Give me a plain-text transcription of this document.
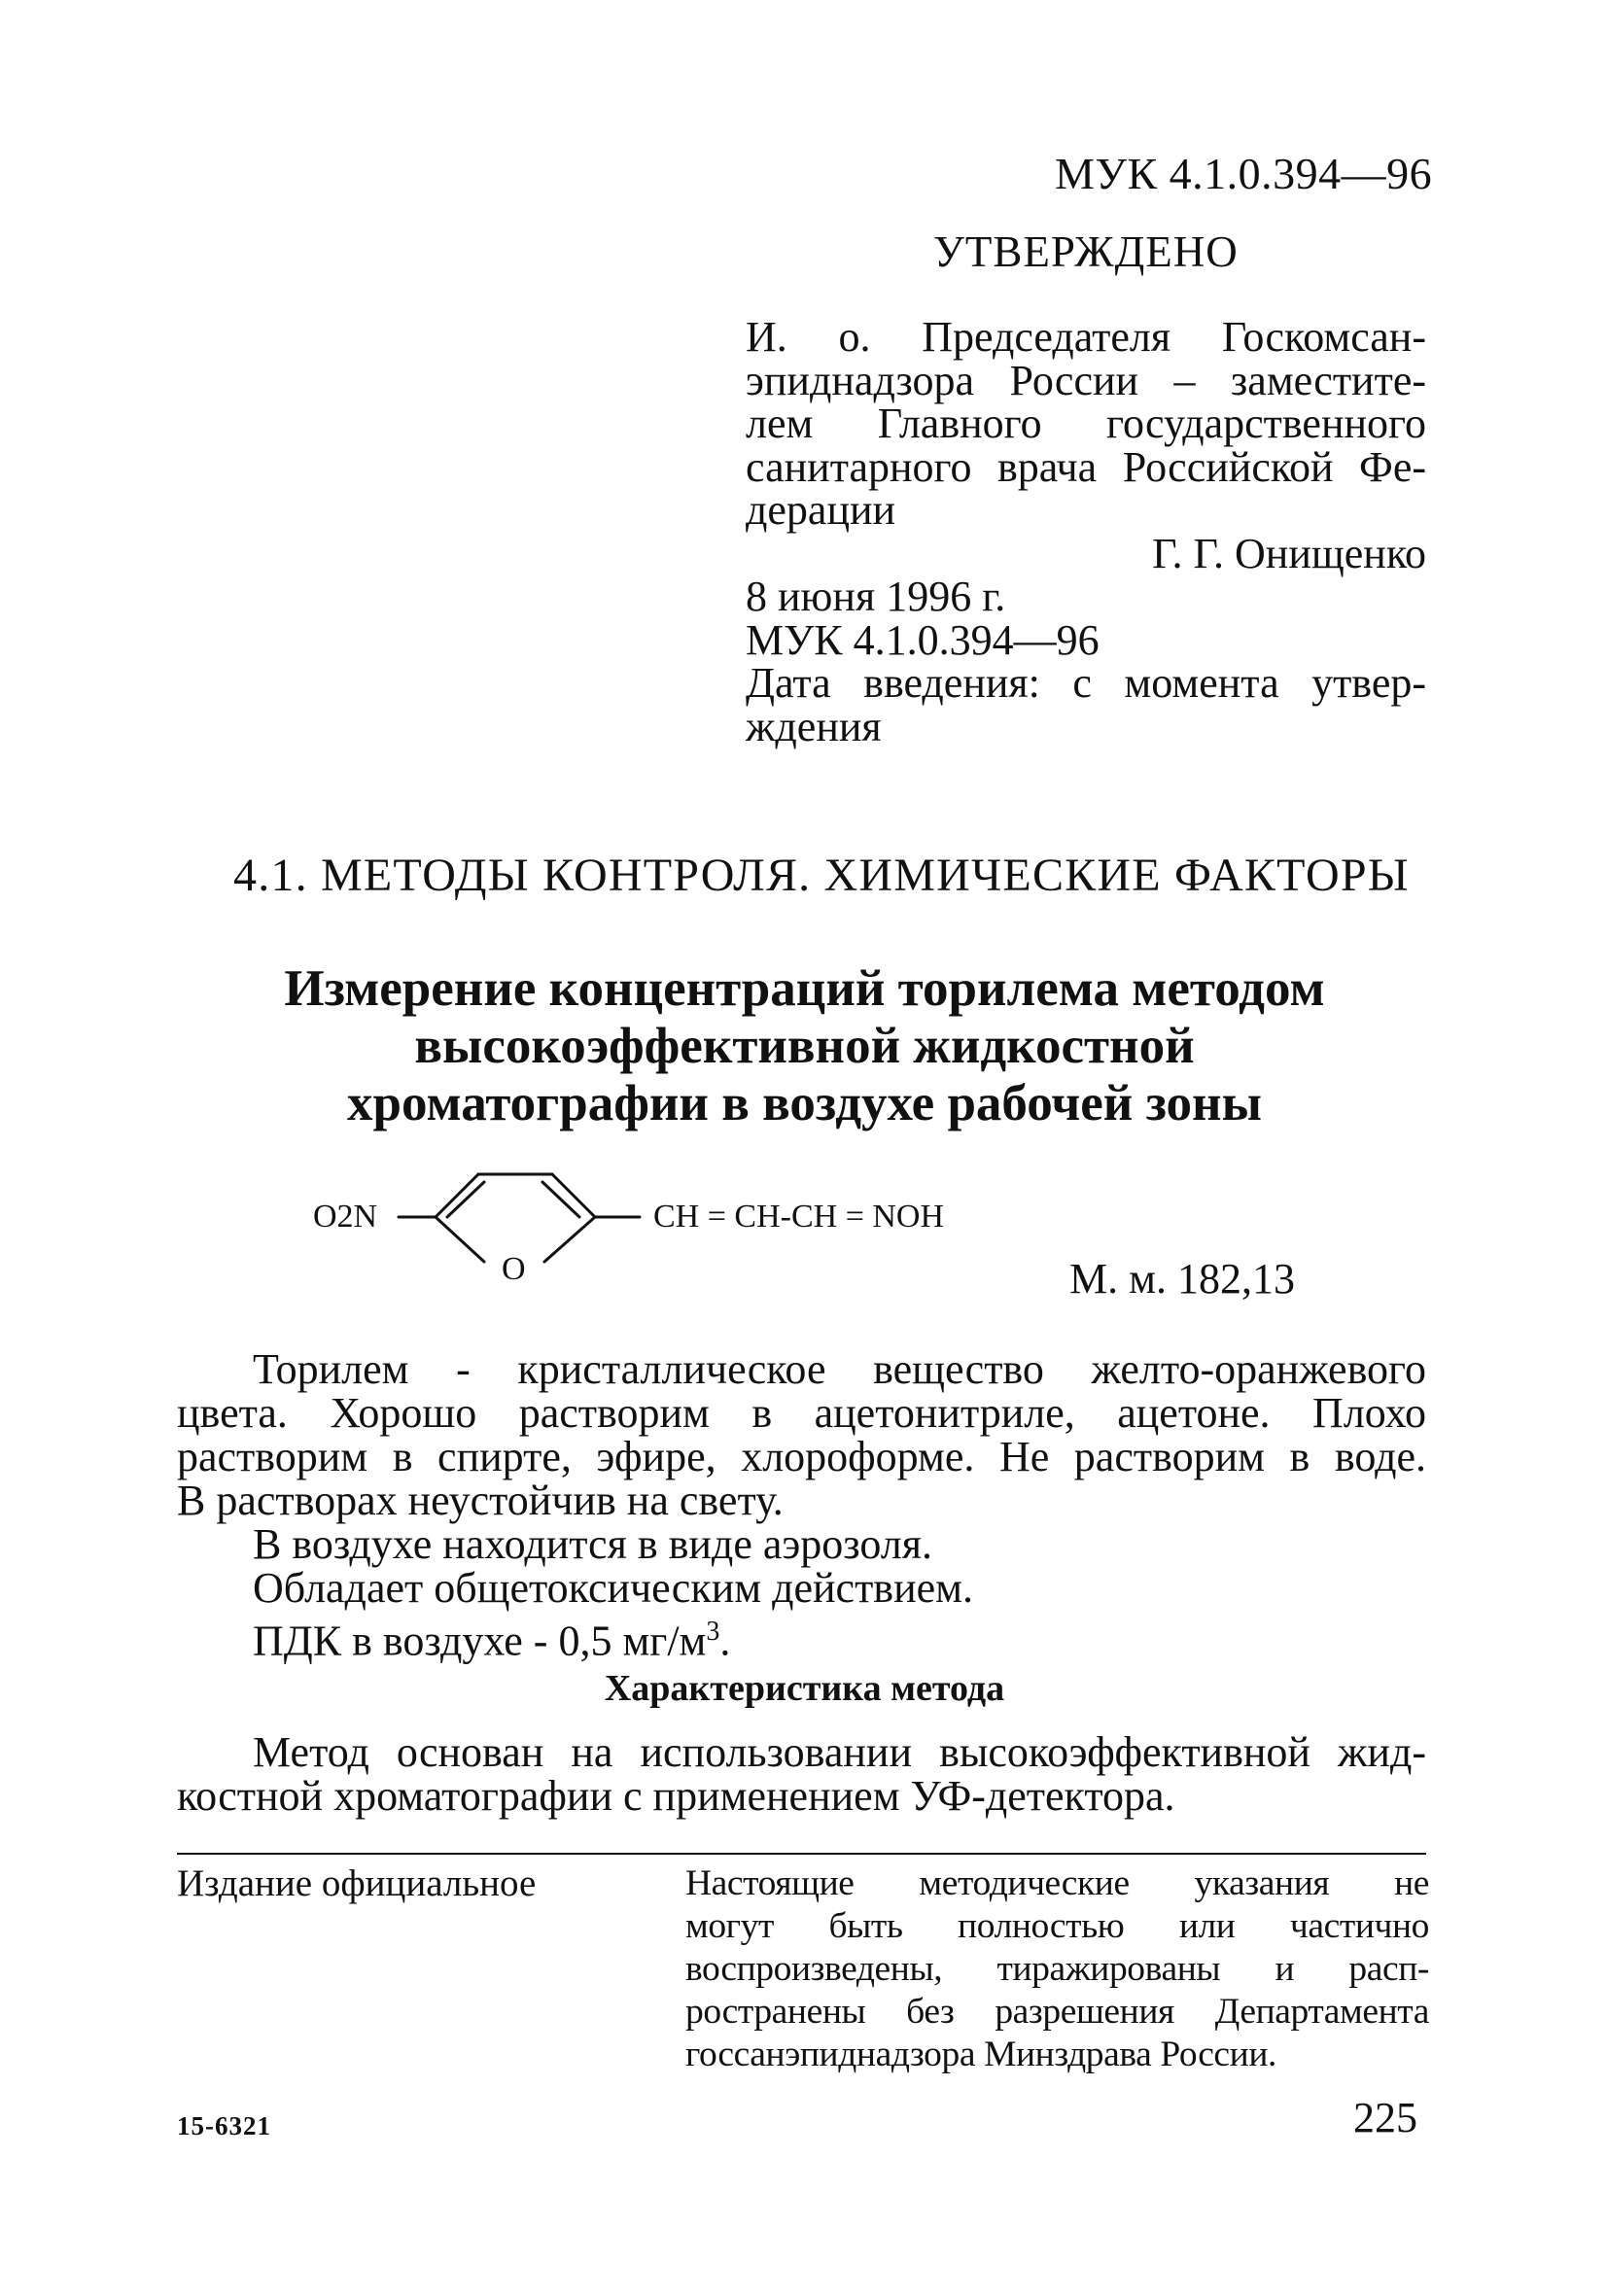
МУК 4.1.0.394—96
УТВЕРЖДЕНО
И. о. Председателя Госкомсан-
эпиднадзора России – заместите-
лем Главного государственного
санитарного врача Российской Фе-
дерации
Г. Г. Онищенко
8 июня 1996 г.
МУК 4.1.0.394—96
Дата введения: с момента утвер-
ждения
4.1. МЕТОДЫ КОНТРОЛЯ. ХИМИЧЕСКИЕ ФАКТОРЫ
Измерение концентраций торилема методом
высокоэффективной жидкостной
хроматографии в воздухе рабочей зоны
O2N
O
CH = CH-CH = NOH
М. м. 182,13
Торилем - кристаллическое вещество желто-оранжевого
цвета. Хорошо растворим в ацетонитриле, ацетоне. Плохо
растворим в спирте, эфире, хлороформе. Не растворим в воде.
В растворах неустойчив на свету.
В воздухе находится в виде аэрозоля.
Обладает общетоксическим действием.
ПДК в воздухе - 0,5 $мг/м^3$.
Характеристика метода
Метод основан на использовании высокоэффективной жид-
костной хроматографии с применением УФ-детектора.
Издание официальное	Настоящие методические указания не
могут быть полностью или частично
воспроизведены, тиражированы и расп-
ространены без разрешения Департамента
госсанэпиднадзора Минздрава России.
15-6321	225
